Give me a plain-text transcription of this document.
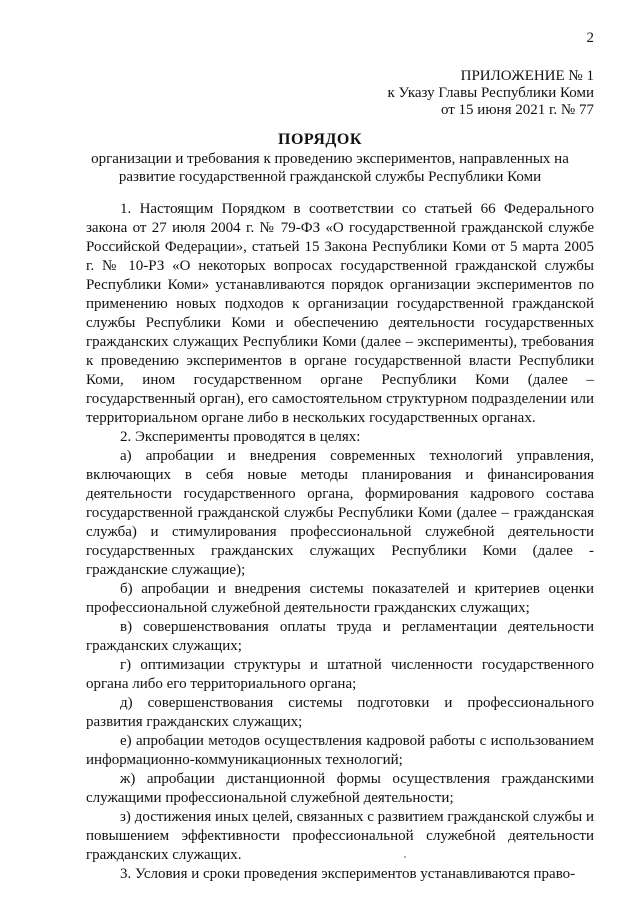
2
ПРИЛОЖЕНИЕ № 1
к Указу Главы Республики Коми
от 15 июня 2021 г. № 77
ПОРЯДОК
организации и требования к проведению экспериментов, направленных на развитие государственной гражданской службы Республики Коми

1. Настоящим Порядком в соответствии со статьей 66 Федерального закона от 27 июля 2004 г. № 79-ФЗ «О государственной гражданской службе Российской Федерации», статьей 15 Закона Республики Коми от 5 марта 2005 г. № 10-РЗ «О некоторых вопросах государственной гражданской службы Республики Коми» устанавливаются порядок организации экспериментов по применению новых подходов к организации государственной гражданской службы Республики Коми и обеспечению деятельности государственных гражданских служащих Республики Коми (далее – эксперименты), требования к проведению экспериментов в органе государственной власти Республики Коми, ином государственном органе Республики Коми (далее – государственный орган), его самостоятельном структурном подразделении или территориальном органе либо в нескольких государственных органах.

2. Эксперименты проводятся в целях:

а) апробации и внедрения современных технологий управления, включающих в себя новые методы планирования и финансирования деятельности государственного органа, формирования кадрового состава государственной гражданской службы Республики Коми (далее – гражданская служба) и стимулирования профессиональной служебной деятельности государственных гражданских служащих Республики Коми (далее - гражданские служащие);

б) апробации и внедрения системы показателей и критериев оценки профессиональной служебной деятельности гражданских служащих;

в) совершенствования оплаты труда и регламентации деятельности гражданских служащих;

г) оптимизации структуры и штатной численности государственного органа либо его территориального органа;

д) совершенствования системы подготовки и профессионального развития гражданских служащих;

е) апробации методов осуществления кадровой работы с использованием информационно-коммуникационных технологий;

ж) апробации дистанционной формы осуществления гражданскими служащими профессиональной служебной деятельности;

з) достижения иных целей, связанных с развитием гражданской службы и повышением эффективности профессиональной служебной деятельности гражданских служащих.

3. Условия и сроки проведения экспериментов устанавливаются право-
